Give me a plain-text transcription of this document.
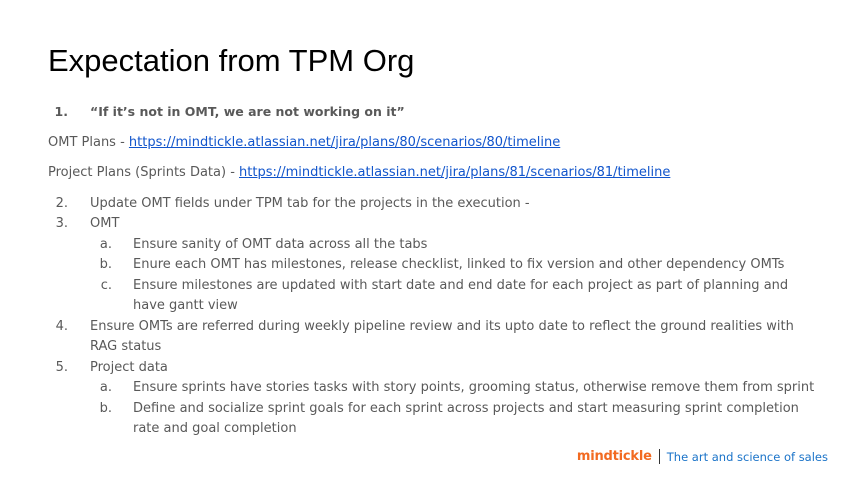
Expectation from TPM Org
1. “If it’s not in OMT, we are not working on it”
OMT Plans - https://mindtickle.atlassian.net/jira/plans/80/scenarios/80/timeline
Project Plans (Sprints Data) - https://mindtickle.atlassian.net/jira/plans/81/scenarios/81/timeline
2. Update OMT fields under TPM tab for the projects in the execution -
3. OMT
a. Ensure sanity of OMT data across all the tabs
b. Enure each OMT has milestones, release checklist, linked to fix version and other dependency OMTs
c. Ensure milestones are updated with start date and end date for each project as part of planning and have gantt view
4. Ensure OMTs are referred during weekly pipeline review and its upto date to reflect the ground realities with RAG status
5. Project data
a. Ensure sprints have stories tasks with story points, grooming status, otherwise remove them from sprint
b. Define and socialize sprint goals for each sprint across projects and start measuring sprint completion rate and goal completion
mindtickle The art and science of sales
